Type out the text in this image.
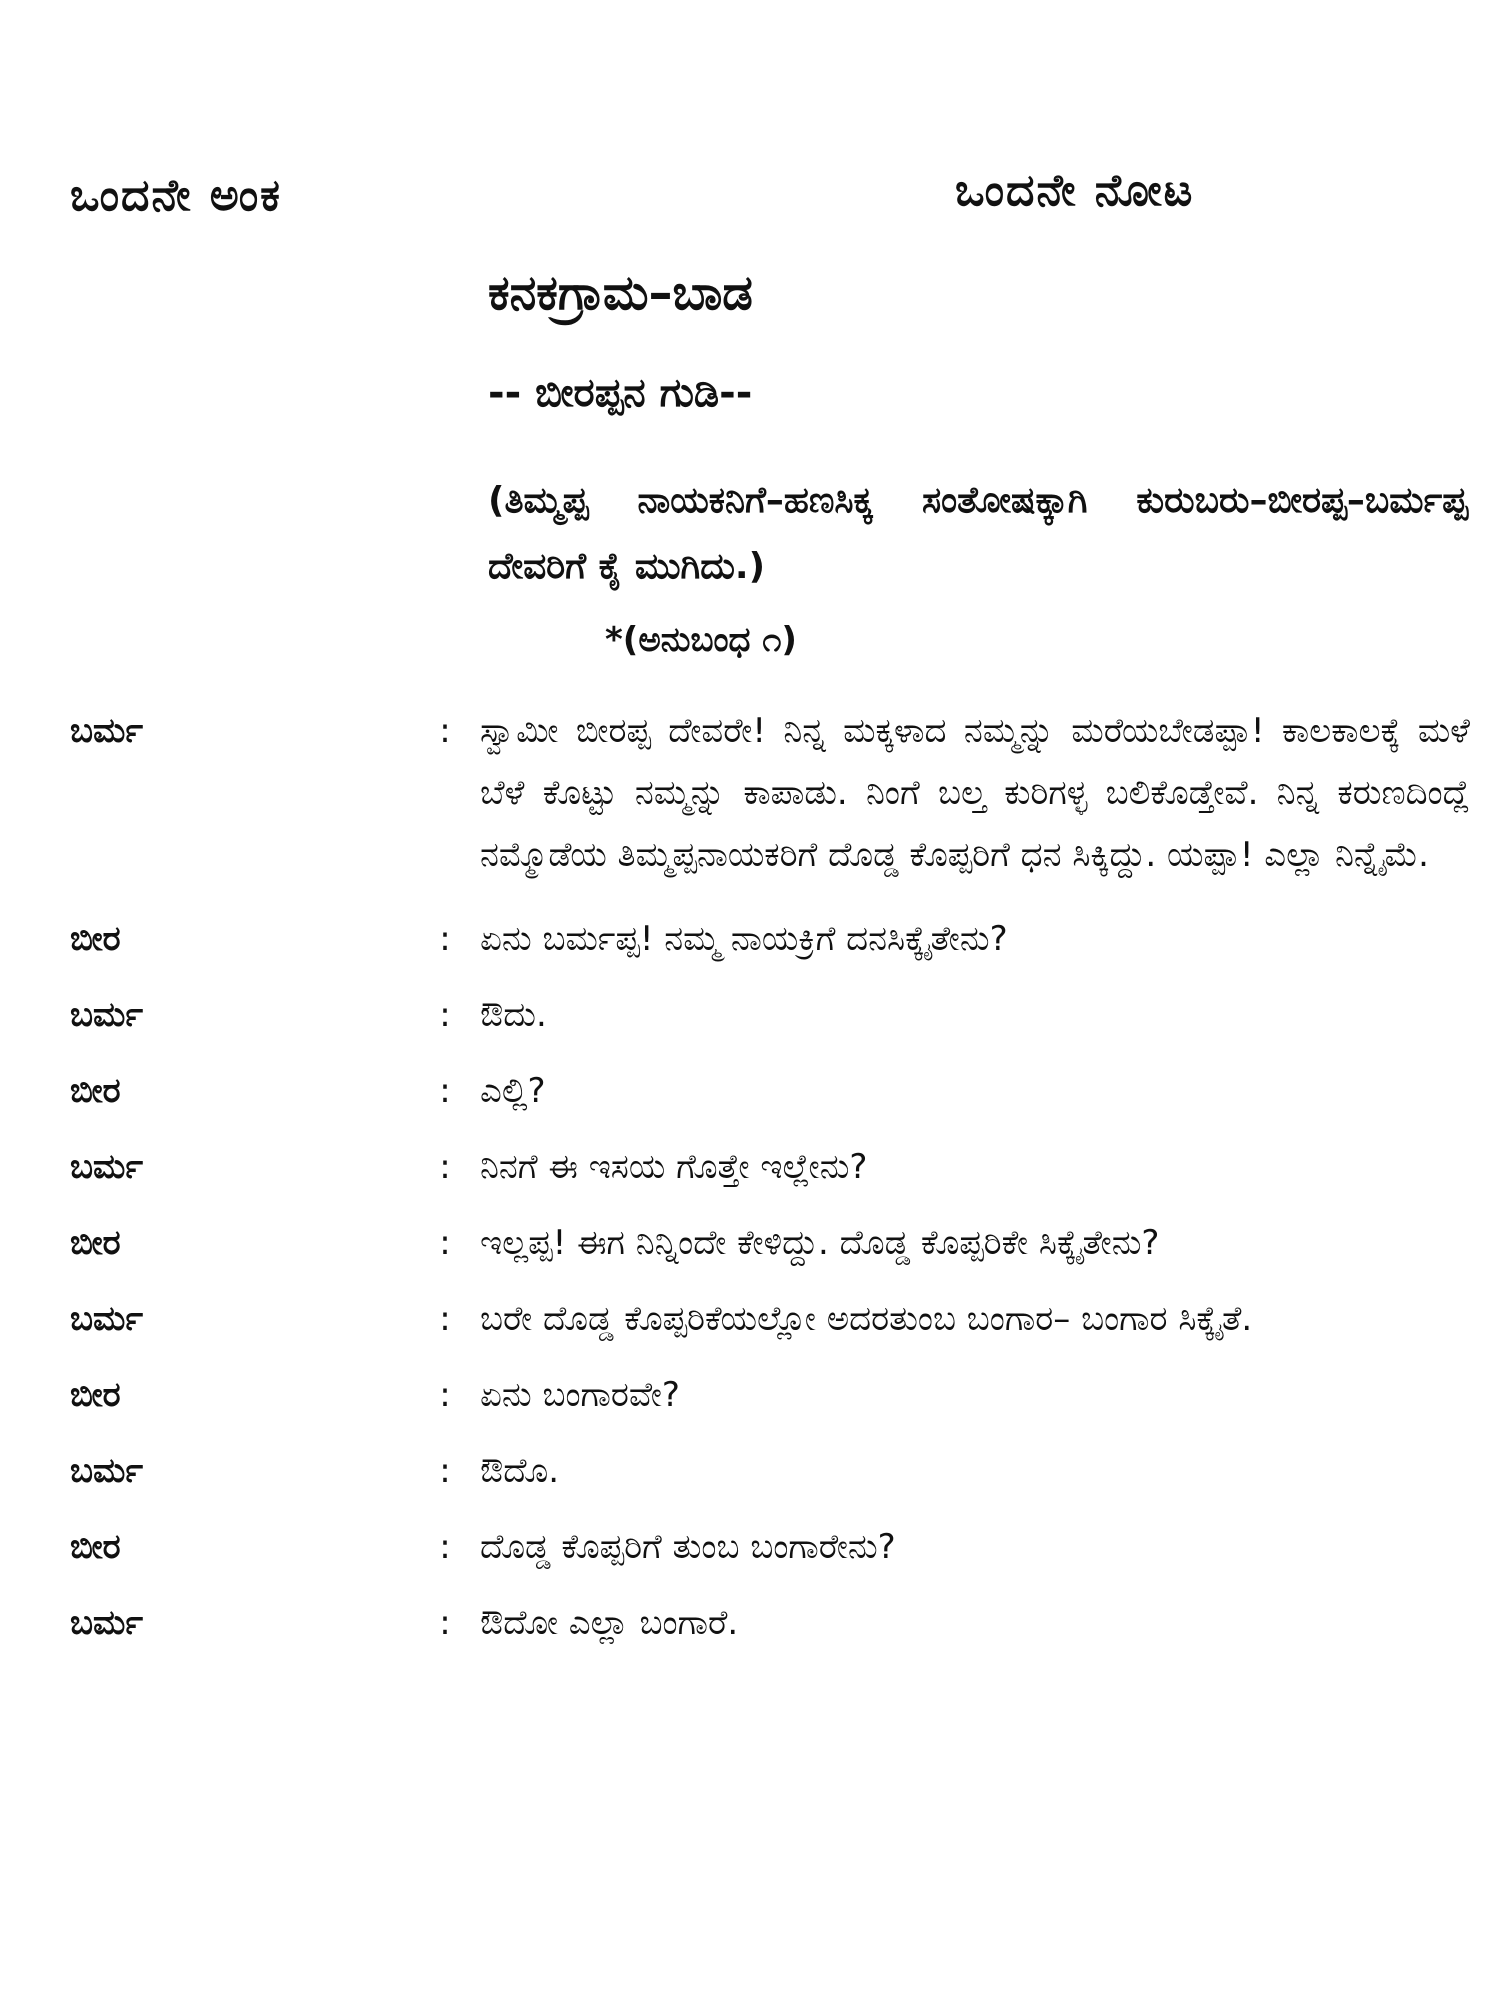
ಒಂದನೇ ಅಂಕ	ಒಂದನೇ ನೋಟ
ಕನಕಗ್ರಾಮ–ಬಾಡ
-- ಬೀರಪ್ಪನ ಗುಡಿ--
(ತಿಮ್ಮಪ್ಪ ನಾಯಕನಿಗೆ–ಹಣಸಿಕ್ಕ ಸಂತೋಷಕ್ಕಾಗಿ ಕುರುಬರು–ಬೀರಪ್ಪ–ಬರ್ಮಪ್ಪ ದೇವರಿಗೆ ಕೈ ಮುಗಿದು.)
*(ಅನುಬಂಧ ೧)
ಬರ್ಮ	: ಸ್ವಾಮೀ ಬೀರಪ್ಪ ದೇವರೇ! ನಿನ್ನ ಮಕ್ಕಳಾದ ನಮ್ಮನ್ನು ಮರೆಯಬೇಡಪ್ಪಾ! ಕಾಲಕಾಲಕ್ಕೆ ಮಳೆ ಬೆಳೆ ಕೊಟ್ಟು ನಮ್ಮನ್ನು ಕಾಪಾಡು. ನಿಂಗೆ ಬಲ್ತ ಕುರಿಗಳ್ಳ ಬಲಿಕೊಡ್ತೇವೆ. ನಿನ್ನ ಕರುಣದಿಂದ್ಲೆ ನಮ್ಮೊಡೆಯ ತಿಮ್ಮಪ್ಪನಾಯಕರಿಗೆ ದೊಡ್ಡ ಕೊಪ್ಪರಿಗೆ ಧನ ಸಿಕ್ಕಿದ್ದು. ಯಪ್ಪಾ! ಎಲ್ಲಾ ನಿನ್ನೈಮೆ.
ಬೀರ	: ಏನು ಬರ್ಮಪ್ಪ! ನಮ್ಮ ನಾಯಕ್ರಿಗೆ ದನಸಿಕ್ಕೈತೇನು?
ಬರ್ಮ	: ಔದು.
ಬೀರ	: ಎಲ್ಲಿ?
ಬರ್ಮ	: ನಿನಗೆ ಈ ಇಸಯ ಗೊತ್ತೇ ಇಲ್ಲೇನು?
ಬೀರ	: ಇಲ್ಲಪ್ಪ! ಈಗ ನಿನ್ನಿಂದೇ ಕೇಳಿದ್ದು. ದೊಡ್ಡ ಕೊಪ್ಪರಿಕೇ ಸಿಕ್ಕೈತೇನು?
ಬರ್ಮ	: ಬರೇ ದೊಡ್ಡ ಕೊಪ್ಪರಿಕೆಯಲ್ಲೋ ಅದರತುಂಬ ಬಂಗಾರ– ಬಂಗಾರ ಸಿಕ್ಕೈತೆ.
ಬೀರ	: ಏನು ಬಂಗಾರವೇ?
ಬರ್ಮ	: ಔದೊ.
ಬೀರ	: ದೊಡ್ಡ ಕೊಪ್ಪರಿಗೆ ತುಂಬ ಬಂಗಾರೇನು?
ಬರ್ಮ	: ಔದೋ ಎಲ್ಲಾ ಬಂಗಾರೆ.
